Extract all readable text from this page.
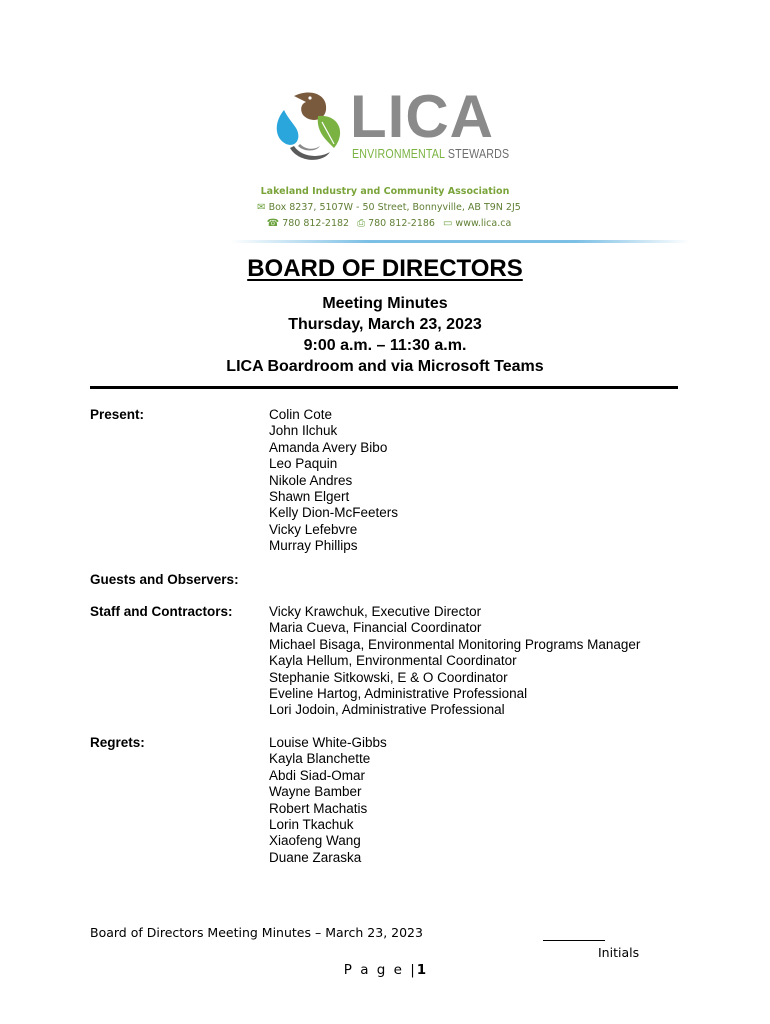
LICA
ENVIRONMENTAL STEWARDS
Lakeland Industry and Community Association
✉ Box 8237, 5107W - 50 Street, Bonnyville, AB T9N 2J5
☎ 780 812-2182 ⎙ 780 812-2186 ▭ www.lica.ca
BOARD OF DIRECTORS
Meeting Minutes
Thursday, March 23, 2023
9:00 a.m. – 11:30 a.m.
LICA Boardroom and via Microsoft Teams
Present:	Colin Cote
John Ilchuk
Amanda Avery Bibo
Leo Paquin
Nikole Andres
Shawn Elgert
Kelly Dion-McFeeters
Vicky Lefebvre
Murray Phillips
Guests and Observers:
Staff and Contractors:	Vicky Krawchuk, Executive Director
Maria Cueva, Financial Coordinator
Michael Bisaga, Environmental Monitoring Programs Manager
Kayla Hellum, Environmental Coordinator
Stephanie Sitkowski, E & O Coordinator
Eveline Hartog, Administrative Professional
Lori Jodoin, Administrative Professional
Regrets:	Louise White-Gibbs
Kayla Blanchette
Abdi Siad-Omar
Wayne Bamber
Robert Machatis
Lorin Tkachuk
Xiaofeng Wang
Duane Zaraska
Board of Directors Meeting Minutes – March 23, 2023
Initials
P a g e |1
